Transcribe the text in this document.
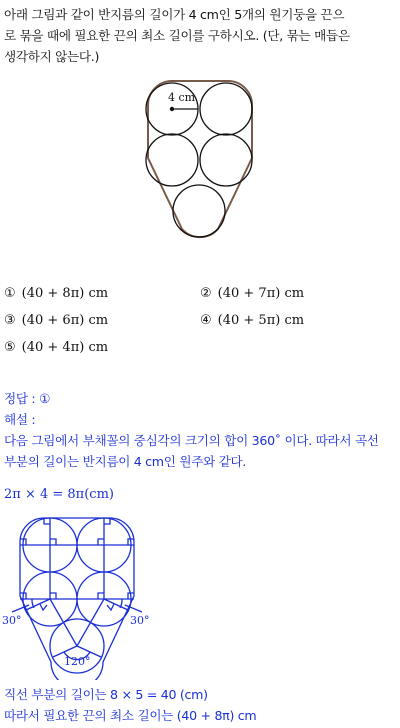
아래 그림과 같이 반지름의 길이가 4 cm인 5개의 원기둥을 끈으
로 묶을 때에 필요한 끈의 최소 길이를 구하시오. (단, 묶는 매듭은
생각하지 않는다.)
4 cm
① (40 + 8π) cm	② (40 + 7π) cm
③ (40 + 6π) cm	④ (40 + 5π) cm
⑤ (40 + 4π) cm
정답 : ①
해설 :
다음 그림에서 부채꼴의 중심각의 크기의 합이 360˚ 이다. 따라서 곡선
부분의 길이는 반지름이 4 cm인 원주와 같다.
2π × 4 = 8π(cm)
30°	30°
120°
직선 부분의 길이는 8 × 5 = 40 (cm)
따라서 필요한 끈의 최소 길이는 (40 + 8π) cm
